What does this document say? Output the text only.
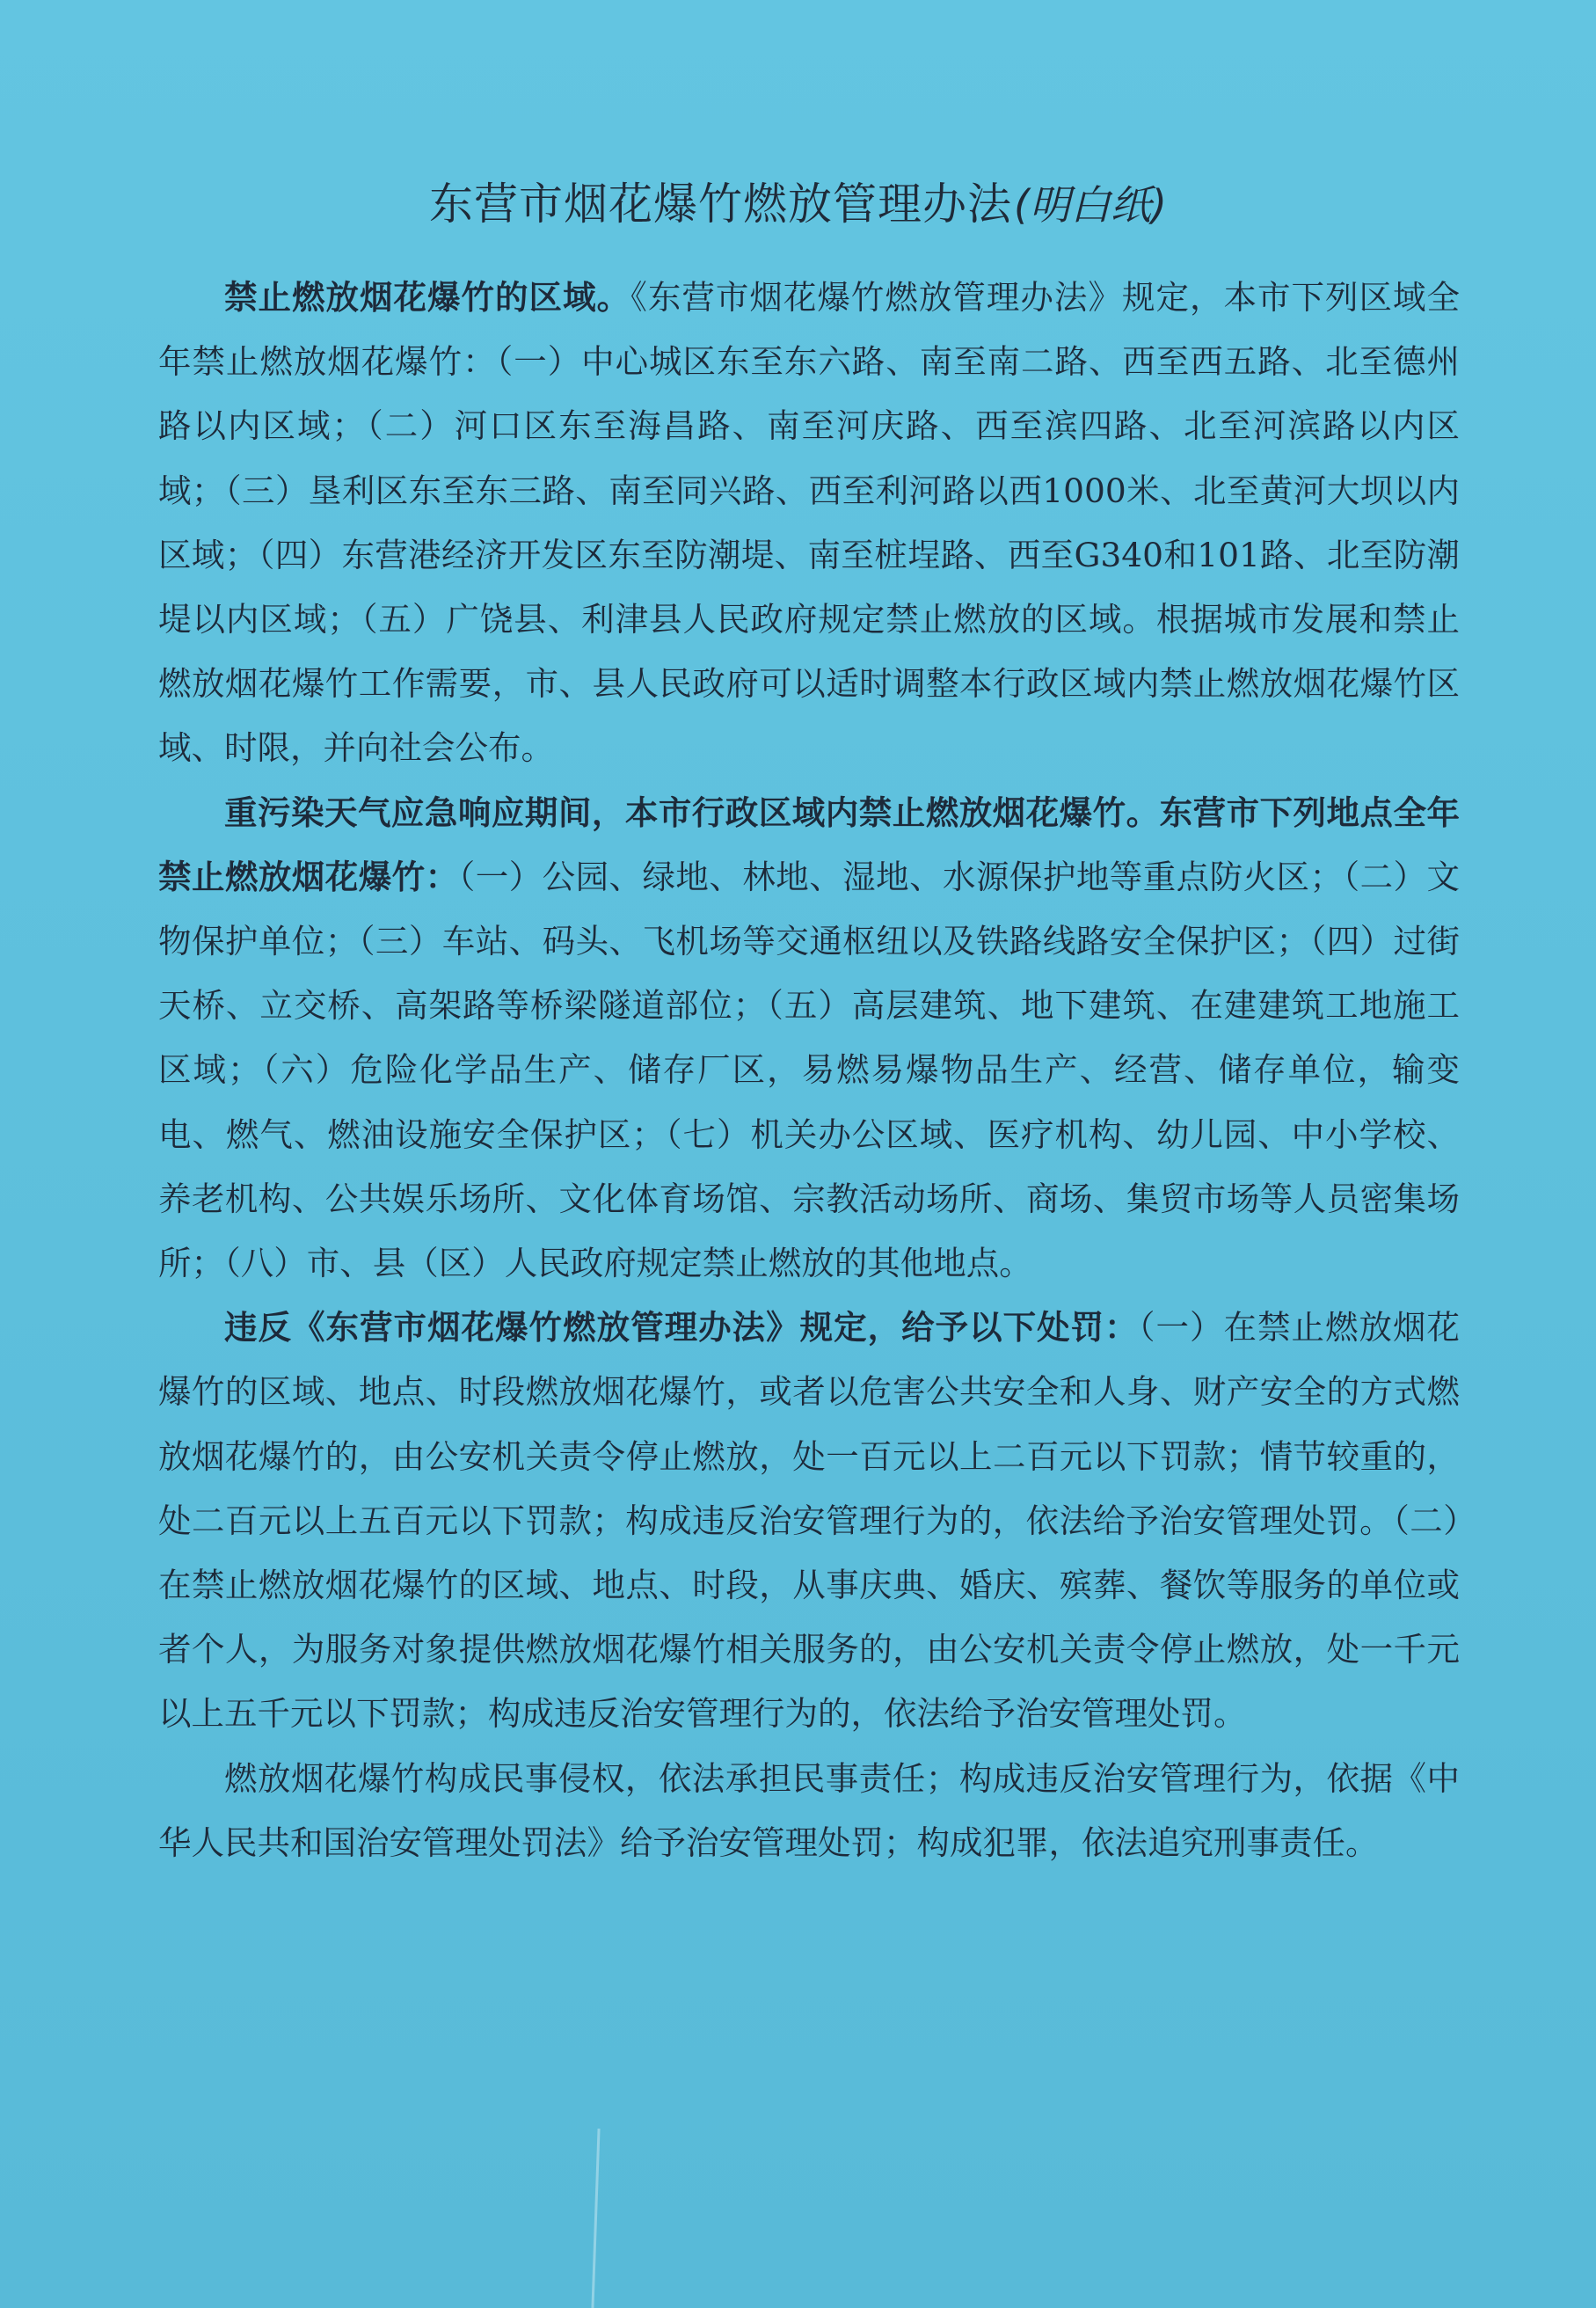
东营市烟花爆竹燃放管理办法(明白纸)

禁止燃放烟花爆竹的区域。《东营市烟花爆竹燃放管理办法》规定，本市下列区域全年禁止燃放烟花爆竹：（一）中心城区东至东六路、南至南二路、西至西五路、北至德州路以内区域；（二）河口区东至海昌路、南至河庆路、西至滨四路、北至河滨路以内区域；（三）垦利区东至东三路、南至同兴路、西至利河路以西1000米、北至黄河大坝以内区域；（四）东营港经济开发区东至防潮堤、南至桩埕路、西至G340和101路、北至防潮堤以内区域；（五）广饶县、利津县人民政府规定禁止燃放的区域。根据城市发展和禁止燃放烟花爆竹工作需要，市、县人民政府可以适时调整本行政区域内禁止燃放烟花爆竹区域、时限，并向社会公布。

重污染天气应急响应期间，本市行政区域内禁止燃放烟花爆竹。东营市下列地点全年禁止燃放烟花爆竹：（一）公园、绿地、林地、湿地、水源保护地等重点防火区；（二）文物保护单位；（三）车站、码头、飞机场等交通枢纽以及铁路线路安全保护区；（四）过街天桥、立交桥、高架路等桥梁隧道部位；（五）高层建筑、地下建筑、在建建筑工地施工区域；（六）危险化学品生产、储存厂区，易燃易爆物品生产、经营、储存单位，输变电、燃气、燃油设施安全保护区；（七）机关办公区域、医疗机构、幼儿园、中小学校、养老机构、公共娱乐场所、文化体育场馆、宗教活动场所、商场、集贸市场等人员密集场所；（八）市、县（区）人民政府规定禁止燃放的其他地点。

违反《东营市烟花爆竹燃放管理办法》规定，给予以下处罚：（一）在禁止燃放烟花爆竹的区域、地点、时段燃放烟花爆竹，或者以危害公共安全和人身、财产安全的方式燃放烟花爆竹的，由公安机关责令停止燃放，处一百元以上二百元以下罚款；情节较重的，处二百元以上五百元以下罚款；构成违反治安管理行为的，依法给予治安管理处罚。（二）在禁止燃放烟花爆竹的区域、地点、时段，从事庆典、婚庆、殡葬、餐饮等服务的单位或者个人，为服务对象提供燃放烟花爆竹相关服务的，由公安机关责令停止燃放，处一千元以上五千元以下罚款；构成违反治安管理行为的，依法给予治安管理处罚。

燃放烟花爆竹构成民事侵权，依法承担民事责任；构成违反治安管理行为，依据《中华人民共和国治安管理处罚法》给予治安管理处罚；构成犯罪，依法追究刑事责任。
